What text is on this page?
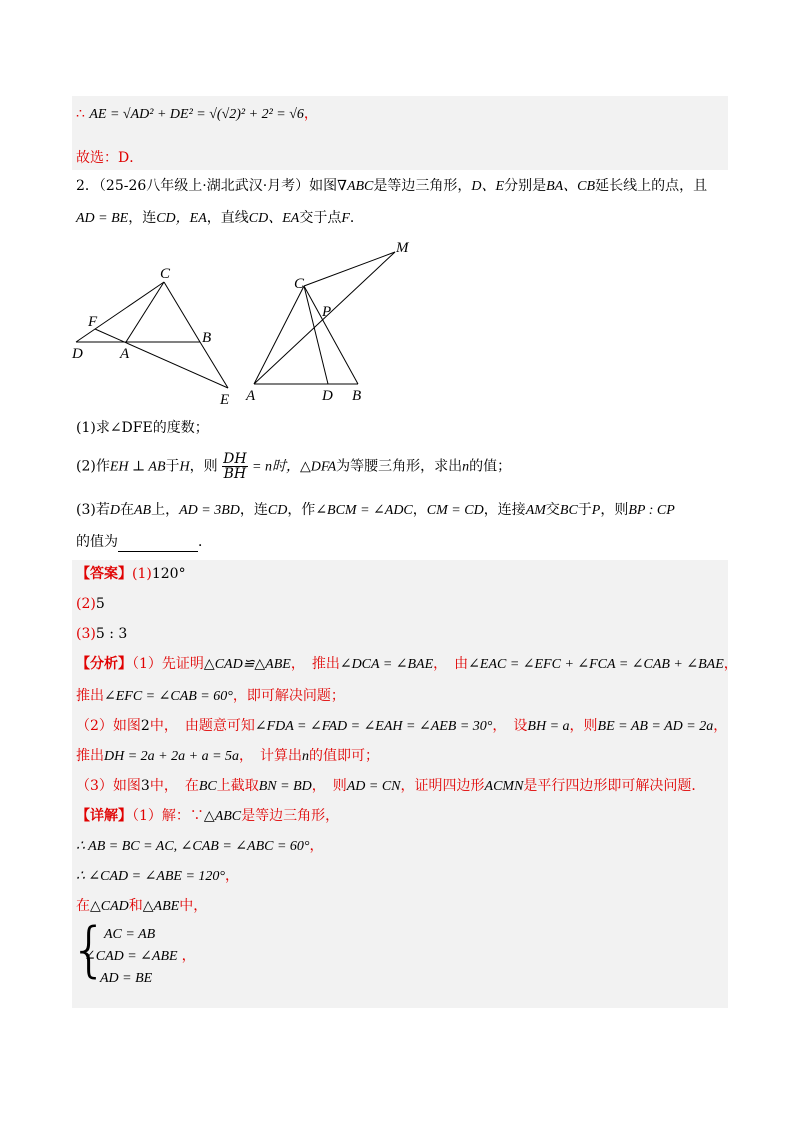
∴ AE = √AD² + DE² = √(√2)² + 2² = √6，
故选：D．
2．（25-26八年级上·湖北武汉·月考）如图∇ABC是等边三角形，D、E分别是BA、CB延长线上的点，且
AD = BE，连CD，EA，直线CD、EA交于点F．
C
F
D A
B
E
M
C
P
A	D B
(1)求∠DFE的度数；
(2)作EH ⊥ AB于H，则 $\frac{DH}{BH} = n$时，△DFA为等腰三角形，求出n的值；
(3)若D在AB上，AD = 3BD，连CD，作∠BCM = ∠ADC，CM = CD，连接AM交BC于P，则BP : CP
的值为	．
【答案】(1)120°
(2)5
(3)5 : 3
【分析】（1）先证明△CAD≌△ABE，　推出∠DCA = ∠BAE，　由∠EAC = ∠EFC + ∠FCA = ∠CAB + ∠BAE，
推出∠EFC = ∠CAB = 60°，即可解决问题；
（2）如图2中，　由题意可知∠FDA = ∠FAD = ∠EAH = ∠AEB = 30°，　设BH = a，则BE = AB = AD = 2a，
推出DH = 2a + 2a + a = 5a，　计算出n的值即可；
（3）如图3中，　在BC上截取BN = BD，　则AD = CN，证明四边形ACMN是平行四边形即可解决问题．
【详解】（1）解：∵△ABC是等边三角形，
∴ AB = BC = AC, ∠CAB = ∠ABC = 60°，
∴ ∠CAD = ∠ABE = 120°，
在△CAD和△ABE中，
{
AC = AB
∠CAD = ∠ABE ，
AD = BE
